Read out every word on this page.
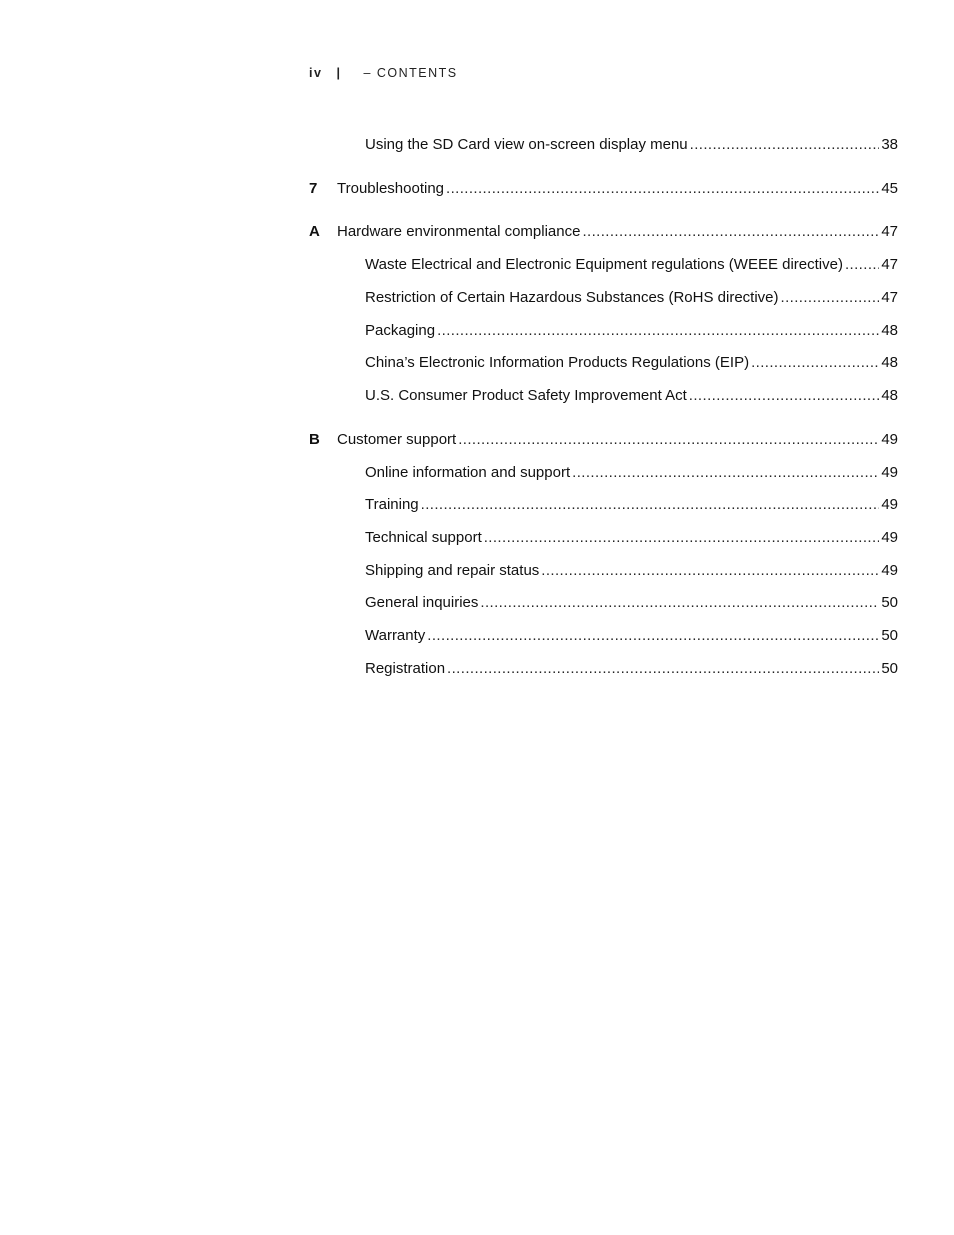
iv | – CONTENTS
Using the SD Card view on-screen display menu .....	38
7	Troubleshooting .....	45
A	Hardware environmental compliance .....	47
Waste Electrical and Electronic Equipment regulations (WEEE directive) .....	47
Restriction of Certain Hazardous Substances (RoHS directive) .....	47
Packaging .....	48
China’s Electronic Information Products Regulations (EIP) .....	48
U.S. Consumer Product Safety Improvement Act .....	48
B	Customer support .....	49
Online information and support .....	49
Training .....	49
Technical support .....	49
Shipping and repair status .....	49
General inquiries .....	50
Warranty .....	50
Registration .....	50
